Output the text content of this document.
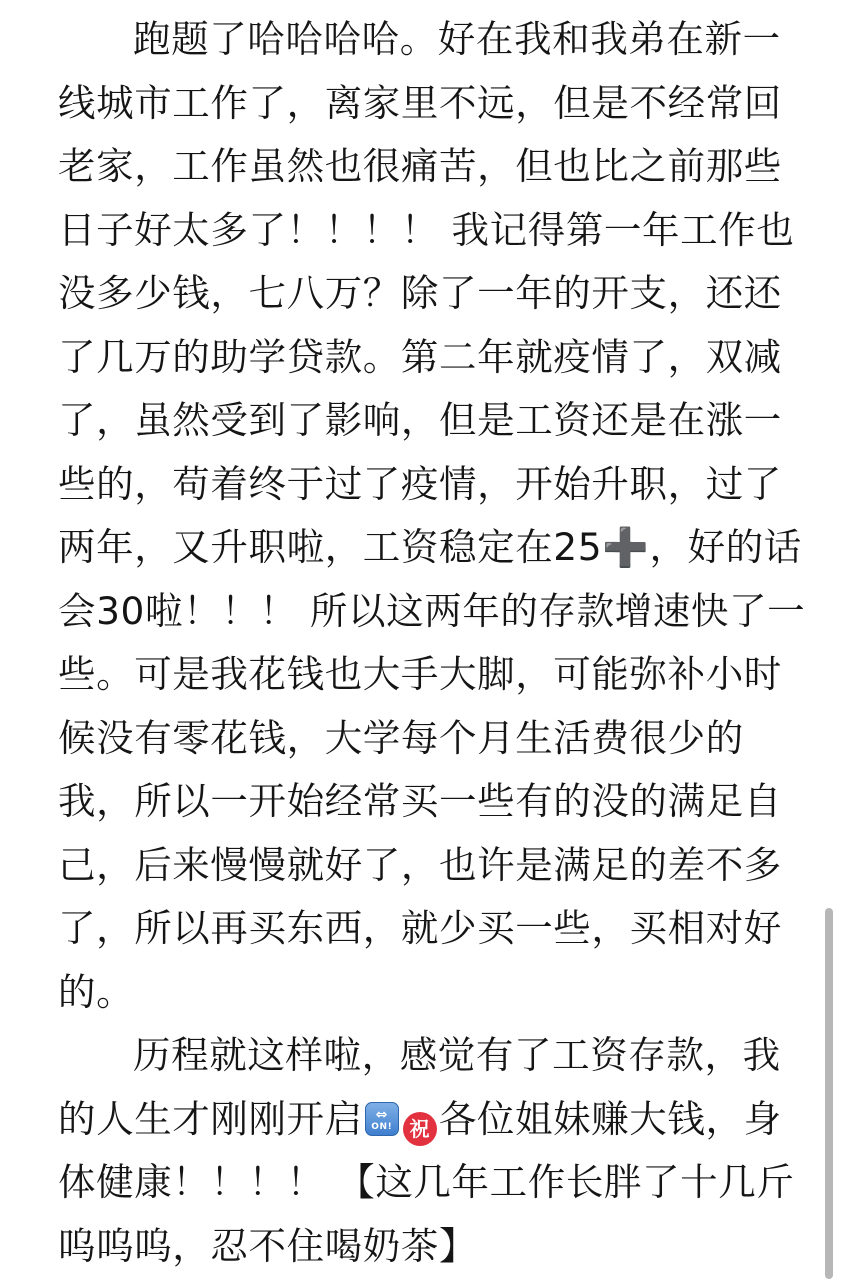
跑题了哈哈哈哈。好在我和我弟在新一
线城市工作了，离家里不远，但是不经常回
老家，工作虽然也很痛苦，但也比之前那些
日子好太多了！！！！ 我记得第一年工作也
没多少钱，七八万？除了一年的开支，还还
了几万的助学贷款。第二年就疫情了，双减
了，虽然受到了影响，但是工资还是在涨一
些的，苟着终于过了疫情，开始升职，过了
两年，又升职啦，工资稳定在25➕，好的话
会30啦！！！ 所以这两年的存款增速快了一
些。可是我花钱也大手大脚，可能弥补小时
候没有零花钱，大学每个月生活费很少的
我，所以一开始经常买一些有的没的满足自
己，后来慢慢就好了，也许是满足的差不多
了，所以再买东西，就少买一些，买相对好
的。

历程就这样啦，感觉有了工资存款，我
的人生才刚刚开启 ⇔
ON! 祝 各位姐妹赚大钱，身
体健康！！！！ 【这几年工作长胖了十几斤
呜呜呜，忍不住喝奶茶】
